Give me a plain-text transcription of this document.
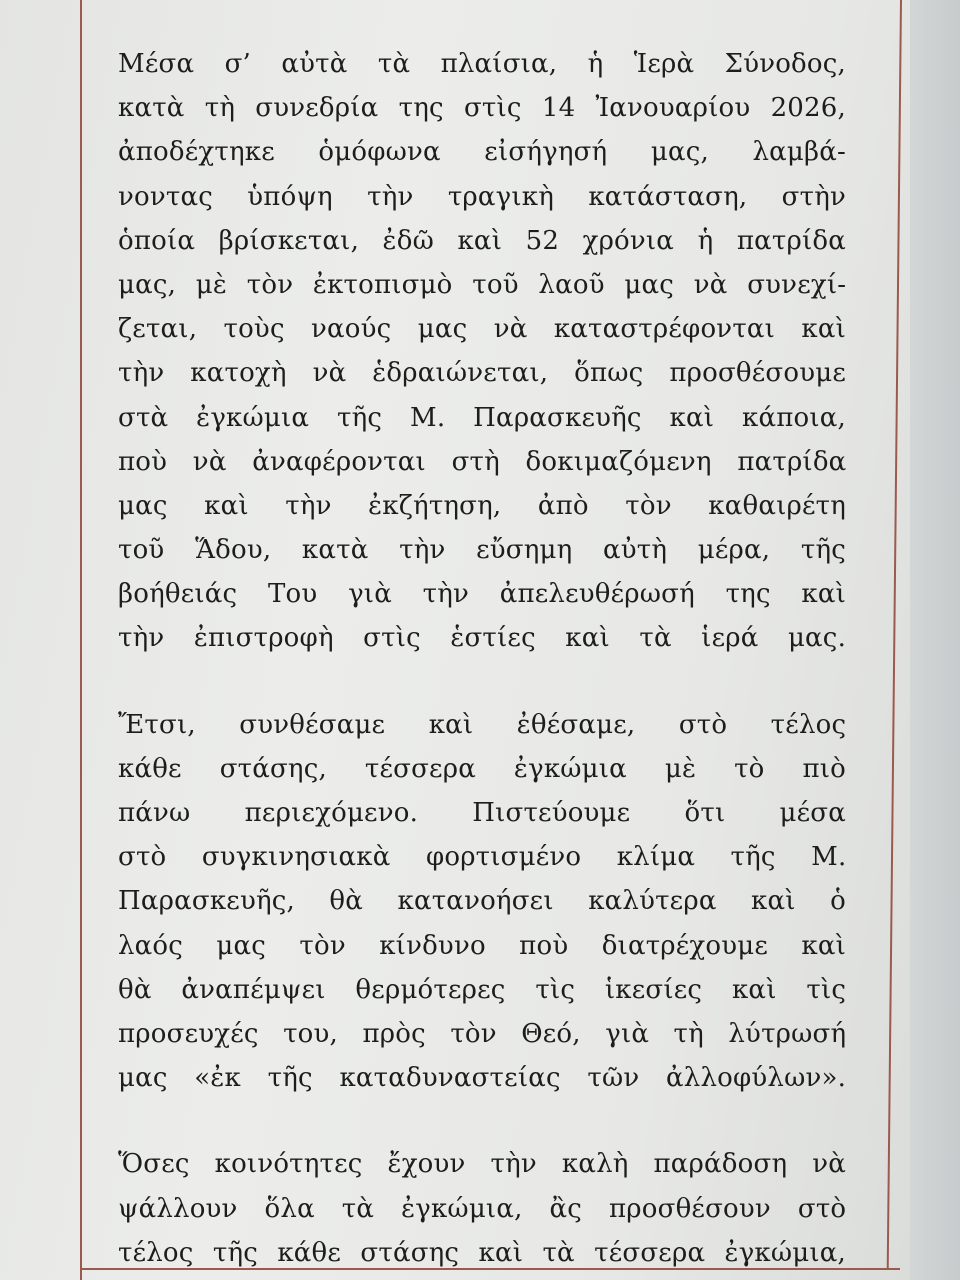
Μέσα σ’ αὐτὰ τὰ πλαίσια, ἡ Ἱερὰ Σύνοδος,
κατὰ τὴ συνεδρία της στὶς 14 Ἰανουαρίου 2026,
ἀποδέχτηκε ὁμόφωνα εἰσήγησή μας, λαμβά-
νοντας ὑπόψη τὴν τραγικὴ κατάσταση, στὴν
ὁποία βρίσκεται, ἐδῶ καὶ 52 χρόνια ἡ πατρίδα
μας, μὲ τὸν ἐκτοπισμὸ τοῦ λαοῦ μας νὰ συνεχί-
ζεται, τοὺς ναούς μας νὰ καταστρέφονται καὶ
τὴν κατοχὴ νὰ ἑδραιώνεται, ὅπως προσθέσουμε
στὰ ἐγκώμια τῆς Μ. Παρασκευῆς καὶ κάποια,
ποὺ νὰ ἀναφέρονται στὴ δοκιμαζόμενη πατρίδα
μας καὶ τὴν ἐκζήτηση, ἀπὸ τὸν καθαιρέτη
τοῦ Ἅδου, κατὰ τὴν εὔσημη αὐτὴ μέρα, τῆς
βοήθειάς Του γιὰ τὴν ἀπελευθέρωσή της καὶ
τὴν ἐπιστροφὴ στὶς ἑστίες καὶ τὰ ἱερά μας.
Ἔτσι, συνθέσαμε καὶ ἐθέσαμε, στὸ τέλος
κάθε στάσης, τέσσερα ἐγκώμια μὲ τὸ πιὸ
πάνω περιεχόμενο. Πιστεύουμε ὅτι μέσα
στὸ συγκινησιακὰ φορτισμένο κλίμα τῆς Μ.
Παρασκευῆς, θὰ κατανοήσει καλύτερα καὶ ὁ
λαός μας τὸν κίνδυνο ποὺ διατρέχουμε καὶ
θὰ ἀναπέμψει θερμότερες τὶς ἱκεσίες καὶ τὶς
προσευχές του, πρὸς τὸν Θεό, γιὰ τὴ λύτρωσή
μας «ἐκ τῆς καταδυναστείας τῶν ἀλλοφύλων».
Ὅσες κοινότητες ἔχουν τὴν καλὴ παράδοση νὰ
ψάλλουν ὅλα τὰ ἐγκώμια, ἂς προσθέσουν στὸ
τέλος τῆς κάθε στάσης καὶ τὰ τέσσερα ἐγκώμια,
